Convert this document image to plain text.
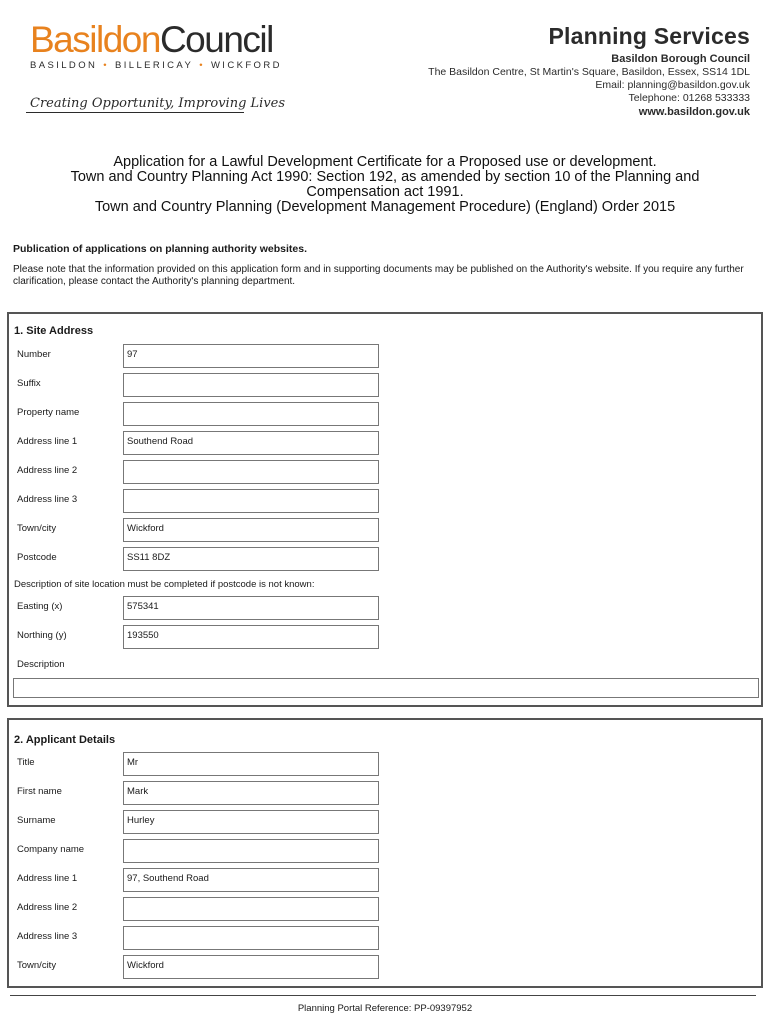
BasildonCouncil
BASILDON • BILLERICAY • WICKFORD
Creating Opportunity, Improving Lives
Planning Services
Basildon Borough Council
The Basildon Centre, St Martin's Square, Basildon, Essex, SS14 1DL
Email: planning@basildon.gov.uk
Telephone: 01268 533333
www.basildon.gov.uk
Application for a Lawful Development Certificate for a Proposed use or development.
Town and Country Planning Act 1990: Section 192, as amended by section 10 of the Planning and Compensation act 1991.
Town and Country Planning (Development Management Procedure) (England) Order 2015
Publication of applications on planning authority websites.
Please note that the information provided on this application form and in supporting documents may be published on the Authority's website. If you require any further clarification, please contact the Authority's planning department.
1. Site Address
Number	97
Suffix
Property name
Address line 1	Southend Road
Address line 2
Address line 3
Town/city	Wickford
Postcode	SS11 8DZ
Description of site location must be completed if postcode is not known:
Easting (x)	575341
Northing (y)	193550
Description
2. Applicant Details
Title	Mr
First name	Mark
Surname	Hurley
Company name
Address line 1	97, Southend Road
Address line 2
Address line 3
Town/city	Wickford
Planning Portal Reference: PP-09397952
